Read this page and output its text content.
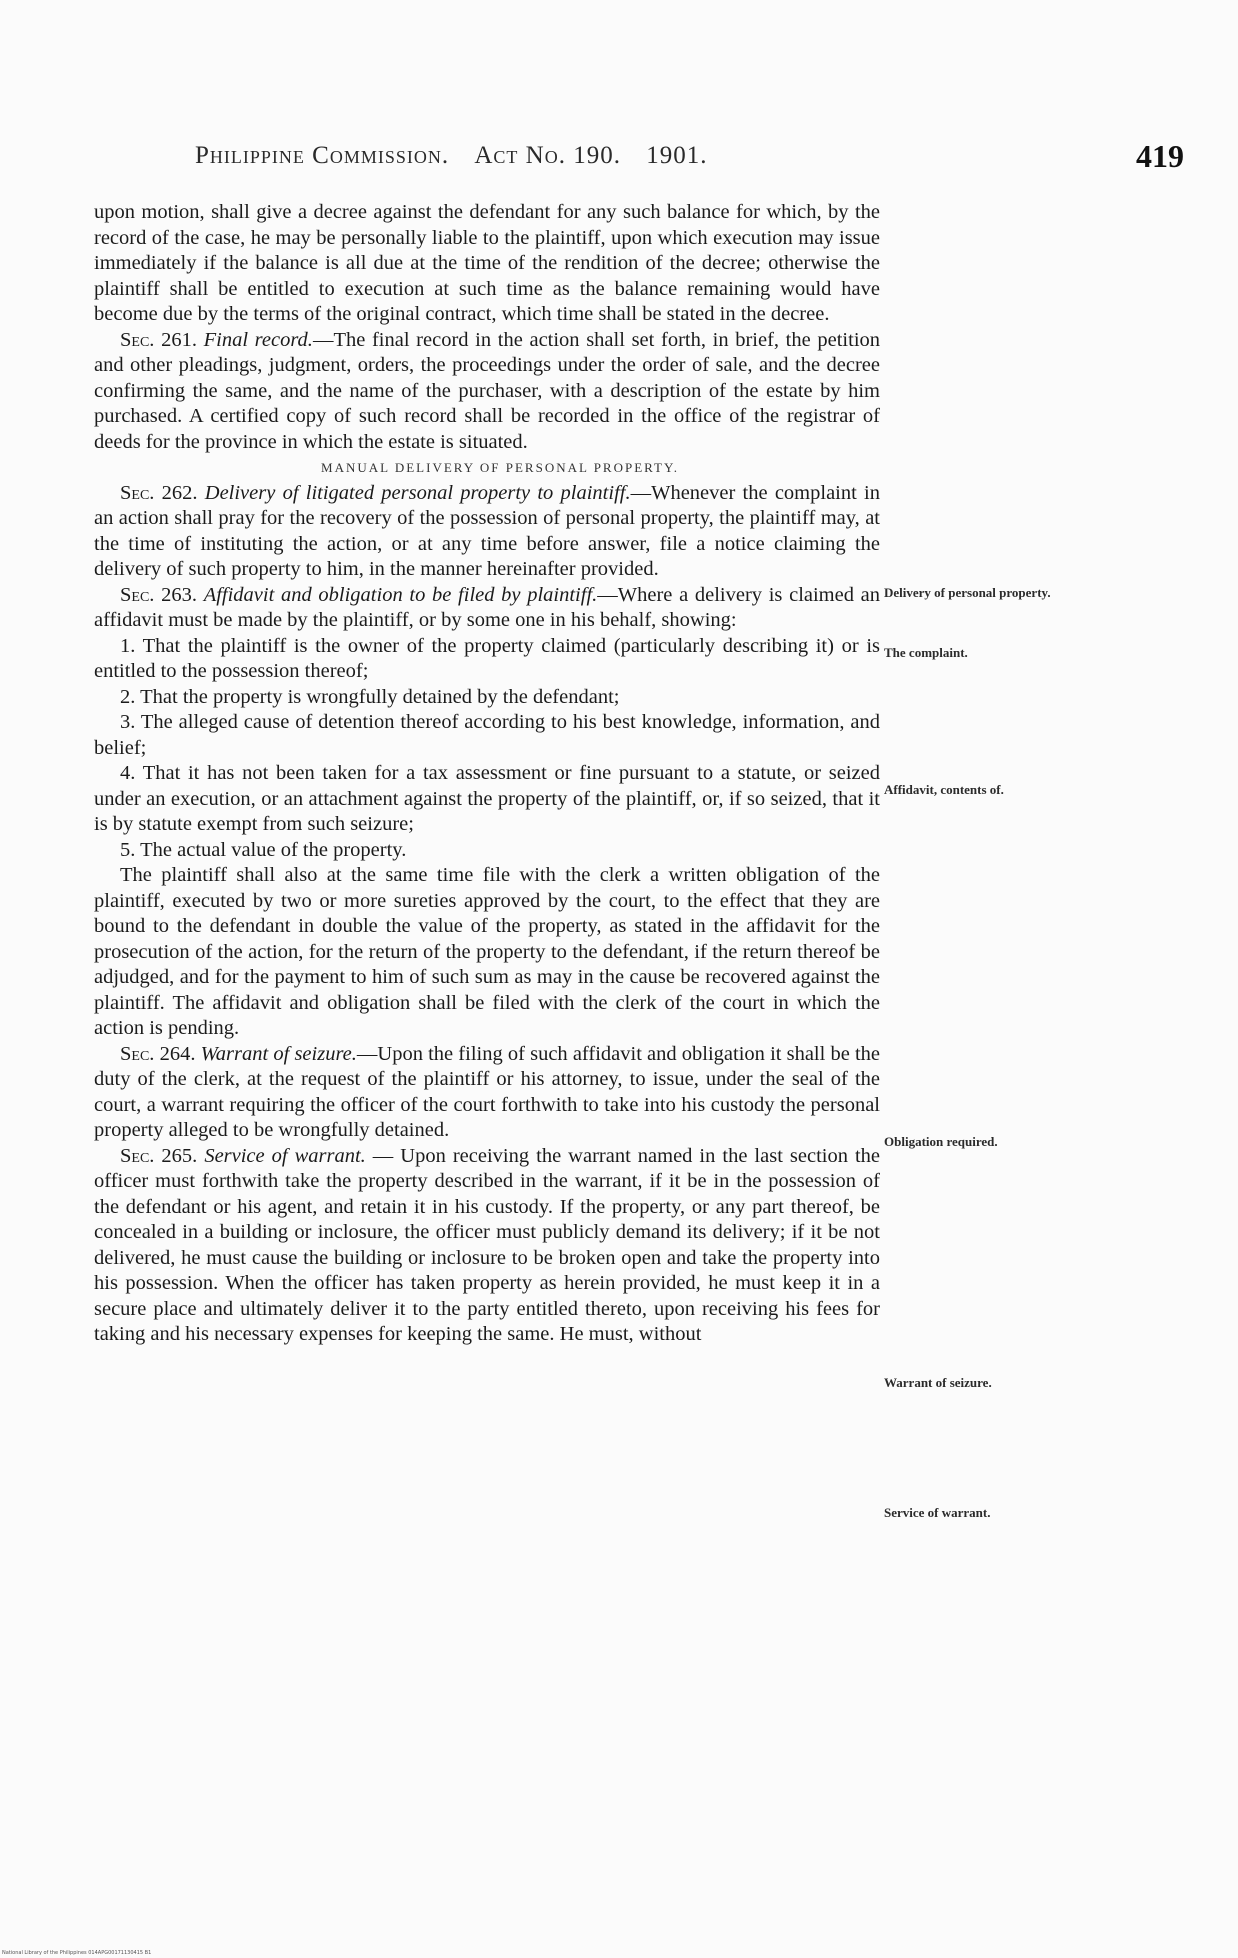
Philippine Commission. Act No. 190. 1901.	419

upon motion, shall give a decree against the defendant for any such balance for which, by the record of the case, he may be personally liable to the plaintiff, upon which execution may issue immediately if the balance is all due at the time of the rendition of the decree; otherwise the plaintiff shall be entitled to execution at such time as the balance remaining would have become due by the terms of the original contract, which time shall be stated in the decree.

Sec. 261. Final record.—The final record in the action shall set forth, in brief, the petition and other pleadings, judgment, orders, the proceedings under the order of sale, and the decree confirming the same, and the name of the purchaser, with a description of the estate by him purchased. A certified copy of such record shall be recorded in the office of the registrar of deeds for the province in which the estate is situated.

MANUAL DELIVERY OF PERSONAL PROPERTY.

Sec. 262. Delivery of litigated personal property to plaintiff.—Whenever the complaint in an action shall pray for the recovery of the possession of personal property, the plaintiff may, at the time of instituting the action, or at any time before answer, file a notice claiming the delivery of such property to him, in the manner hereinafter provided.

Sec. 263. Affidavit and obligation to be filed by plaintiff.—Where a delivery is claimed an affidavit must be made by the plaintiff, or by some one in his behalf, showing:

1. That the plaintiff is the owner of the property claimed (particularly describing it) or is entitled to the possession thereof;

2. That the property is wrongfully detained by the defendant;

3. The alleged cause of detention thereof according to his best knowledge, information, and belief;

4. That it has not been taken for a tax assessment or fine pursuant to a statute, or seized under an execution, or an attachment against the property of the plaintiff, or, if so seized, that it is by statute exempt from such seizure;

5. The actual value of the property.

The plaintiff shall also at the same time file with the clerk a written obligation of the plaintiff, executed by two or more sureties approved by the court, to the effect that they are bound to the defendant in double the value of the property, as stated in the affidavit for the prosecution of the action, for the return of the property to the defendant, if the return thereof be adjudged, and for the payment to him of such sum as may in the cause be recovered against the plaintiff. The affidavit and obligation shall be filed with the clerk of the court in which the action is pending.

Sec. 264. Warrant of seizure.—Upon the filing of such affidavit and obligation it shall be the duty of the clerk, at the request of the plaintiff or his attorney, to issue, under the seal of the court, a warrant requiring the officer of the court forthwith to take into his custody the personal property alleged to be wrongfully detained.

Sec. 265. Service of warrant. — Upon receiving the warrant named in the last section the officer must forthwith take the property described in the warrant, if it be in the possession of the defendant or his agent, and retain it in his custody. If the property, or any part thereof, be concealed in a building or inclosure, the officer must publicly demand its delivery; if it be not delivered, he must cause the building or inclosure to be broken open and take the property into his possession. When the officer has taken property as herein provided, he must keep it in a secure place and ultimately deliver it to the party entitled thereto, upon receiving his fees for taking and his necessary expenses for keeping the same. He must, without

Delivery of personal property.
The complaint.
Affidavit, contents of.
Obligation required.
Warrant of seizure.
Service of warrant.
National Library of the Philippines 014APG00171130415 B1
